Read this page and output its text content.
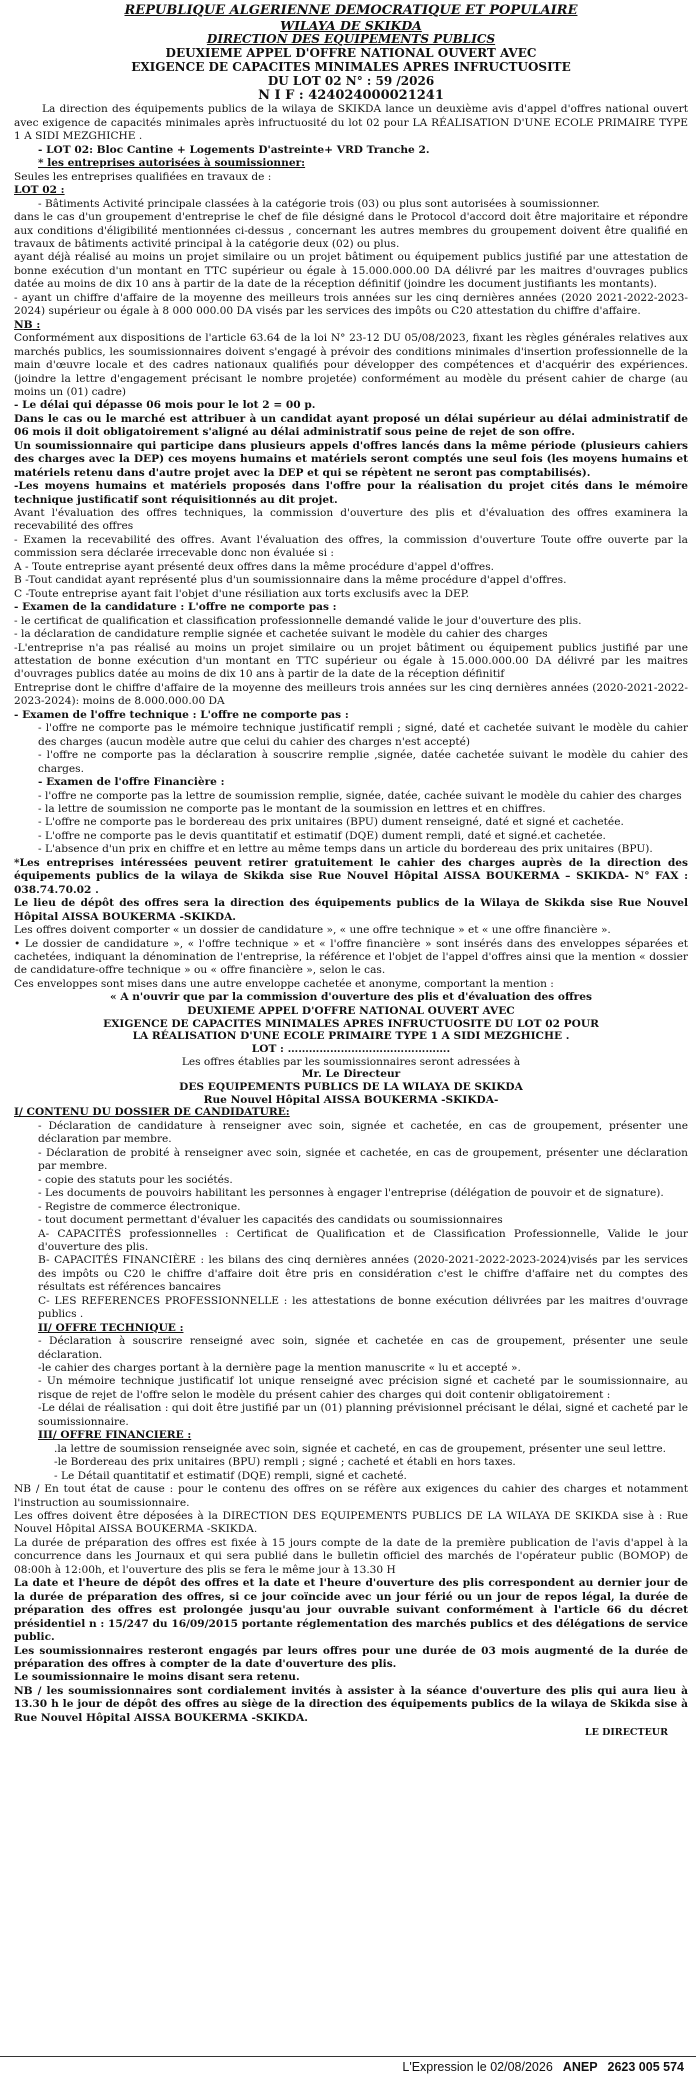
REPUBLIQUE ALGERIENNE DEMOCRATIQUE ET POPULAIRE
WILAYA DE SKIKDA
DIRECTION DES EQUIPEMENTS PUBLICS
DEUXIEME APPEL D'OFFRE NATIONAL OUVERT AVEC
EXIGENCE DE CAPACITES MINIMALES APRES INFRUCTUOSITE
DU LOT 02 N° : 59 /2026
N I F : 424024000021241

La direction des équipements publics de la wilaya de SKIKDA lance un deuxième avis d'appel d'offres national ouvert avec exigence de capacités minimales après infructuosité du lot 02 pour LA RÉALISATION D'UNE ECOLE PRIMAIRE TYPE 1 A SIDI MEZGHICHE .

- LOT 02: Bloc Cantine + Logements D'astreinte+ VRD Tranche 2.

* les entreprises autorisées à soumissionner:

Seules les entreprises qualifiées en travaux de :

LOT 02 :

- Bâtiments Activité principale classées à la catégorie trois (03) ou plus sont autorisées à soumissionner.

dans le cas d'un groupement d'entreprise le chef de file désigné dans le Protocol d'accord doit être majoritaire et répondre aux conditions d'éligibilité mentionnées ci-dessus , concernant les autres membres du groupement doivent être qualifié en travaux de bâtiments activité principal à la catégorie deux (02) ou plus.

ayant déjà réalisé au moins un projet similaire ou un projet bâtiment ou équipement publics justifié par une attestation de bonne exécution d'un montant en TTC supérieur ou égale à 15.000.000.00 DA délivré par les maitres d'ouvrages publics datée au moins de dix 10 ans à partir de la date de la réception définitif (joindre les document justifiants les montants).

- ayant un chiffre d'affaire de la moyenne des meilleurs trois années sur les cinq dernières années (2020 2021-2022-2023-2024) supérieur ou égale à 8 000 000.00 DA visés par les services des impôts ou C20 attestation du chiffre d'affaire.

NB :

Conformément aux dispositions de l'article 63.64 de la loi N° 23-12 DU 05/08/2023, fixant les règles générales relatives aux marchés publics, les soumissionnaires doivent s'engagé à prévoir des conditions minimales d'insertion professionnelle de la main d'œuvre locale et des cadres nationaux qualifiés pour développer des compétences et d'acquérir des expériences. (joindre la lettre d'engagement précisant le nombre projetée) conformément au modèle du présent cahier de charge (au moins un (01) cadre)

- Le délai qui dépasse 06 mois pour le lot 2 = 00 p.

Dans le cas ou le marché est attribuer à un candidat ayant proposé un délai supérieur au délai administratif de 06 mois il doit obligatoirement s'aligné au délai administratif sous peine de rejet de son offre.

Un soumissionnaire qui participe dans plusieurs appels d'offres lancés dans la même période (plusieurs cahiers des charges avec la DEP) ces moyens humains et matériels seront comptés une seul fois (les moyens humains et matériels retenu dans d'autre projet avec la DEP et qui se répètent ne seront pas comptabilisés).

-Les moyens humains et matériels proposés dans l'offre pour la réalisation du projet cités dans le mémoire technique justificatif sont réquisitionnés au dit projet.

Avant l'évaluation des offres techniques, la commission d'ouverture des plis et d'évaluation des offres examinera la recevabilité des offres

- Examen la recevabilité des offres. Avant l'évaluation des offres, la commission d'ouverture Toute offre ouverte par la commission sera déclarée irrecevable donc non évaluée si :

A - Toute entreprise ayant présenté deux offres dans la même procédure d'appel d'offres.

B -Tout candidat ayant représenté plus d'un soumissionnaire dans la même procédure d'appel d'offres.

C -Toute entreprise ayant fait l'objet d'une résiliation aux torts exclusifs avec la DEP.

- Examen de la candidature : L'offre ne comporte pas :

- le certificat de qualification et classification professionnelle demandé valide le jour d'ouverture des plis.

- la déclaration de candidature remplie signée et cachetée suivant le modèle du cahier des charges

-L'entreprise n'a pas réalisé au moins un projet similaire ou un projet bâtiment ou équipement publics justifié par une attestation de bonne exécution d'un montant en TTC supérieur ou égale à 15.000.000.00 DA délivré par les maitres d'ouvrages publics datée au moins de dix 10 ans à partir de la date de la réception définitif

Entreprise dont le chiffre d'affaire de la moyenne des meilleurs trois années sur les cinq dernières années (2020-2021-2022-2023-2024): moins de 8.000.000.00 DA

- Examen de l'offre technique : L'offre ne comporte pas :

- l'offre ne comporte pas le mémoire technique justificatif rempli ; signé, daté et cachetée suivant le modèle du cahier des charges (aucun modèle autre que celui du cahier des charges n'est accepté)

- l'offre ne comporte pas la déclaration à souscrire remplie ,signée, datée cachetée suivant le modèle du cahier des charges.

- Examen de l'offre Financière :

- l'offre ne comporte pas la lettre de soumission remplie, signée, datée, cachée suivant le modèle du cahier des charges

- la lettre de soumission ne comporte pas le montant de la soumission en lettres et en chiffres.

- L'offre ne comporte pas le bordereau des prix unitaires (BPU) dument renseigné, daté et signé et cachetée.

- L'offre ne comporte pas le devis quantitatif et estimatif (DQE) dument rempli, daté et signé.et cachetée.

- L'absence d'un prix en chiffre et en lettre au même temps dans un article du bordereau des prix unitaires (BPU).

*Les entreprises intéressées peuvent retirer gratuitement le cahier des charges auprès de la direction des équipements publics de la wilaya de Skikda sise Rue Nouvel Hôpital AISSA BOUKERMA – SKIKDA- N° FAX : 038.74.70.02 .

Le lieu de dépôt des offres sera la direction des équipements publics de la Wilaya de Skikda sise Rue Nouvel Hôpital AISSA BOUKERMA -SKIKDA.

Les offres doivent comporter « un dossier de candidature », « une offre technique » et « une offre financière ».

• Le dossier de candidature », « l'offre technique » et « l'offre financière » sont insérés dans des enveloppes séparées et cachetées, indiquant la dénomination de l'entreprise, la référence et l'objet de l'appel d'offres ainsi que la mention « dossier de candidature-offre technique » ou « offre financière », selon le cas.

Ces enveloppes sont mises dans une autre enveloppe cachetée et anonyme, comportant la mention :

« A n'ouvrir que par la commission d'ouverture des plis et d'évaluation des offres

DEUXIEME APPEL D'OFFRE NATIONAL OUVERT AVEC
EXIGENCE DE CAPACITES MINIMALES APRES INFRUCTUOSITE DU LOT 02 POUR
LA RÉALISATION D'UNE ECOLE PRIMAIRE TYPE 1 A SIDI MEZGHICHE .
LOT : ……………………………………….
Les offres établies par les soumissionnaires seront adressées à
Mr. Le Directeur
DES EQUIPEMENTS PUBLICS DE LA WILAYA DE SKIKDA
Rue Nouvel Hôpital AISSA BOUKERMA -SKIKDA-

I/ CONTENU DU DOSSIER DE CANDIDATURE:

- Déclaration de candidature à renseigner avec soin, signée et cachetée, en cas de groupement, présenter une déclaration par membre.

- Déclaration de probité à renseigner avec soin, signée et cachetée, en cas de groupement, présenter une déclaration par membre.

- copie des statuts pour les sociétés.

- Les documents de pouvoirs habilitant les personnes à engager l'entreprise (délégation de pouvoir et de signature).

- Registre de commerce électronique.

- tout document permettant d'évaluer les capacités des candidats ou soumissionnaires

A- CAPACITÉS professionnelles : Certificat de Qualification et de Classification Professionnelle, Valide le jour d'ouverture des plis.

B- CAPACITÉS FINANCIÈRE : les bilans des cinq dernières années (2020-2021-2022-2023-2024)visés par les services des impôts ou C20 le chiffre d'affaire doit être pris en considération c'est le chiffre d'affaire net du comptes des résultats est références bancaires

C- LES REFERENCES PROFESSIONNELLE : les attestations de bonne exécution délivrées par les maitres d'ouvrage publics .

II/ OFFRE TECHNIQUE :

- Déclaration à souscrire renseigné avec soin, signée et cachetée en cas de groupement, présenter une seule déclaration.

-le cahier des charges portant à la dernière page la mention manuscrite « lu et accepté ».

- Un mémoire technique justificatif lot unique renseigné avec précision signé et cacheté par le soumissionnaire, au risque de rejet de l'offre selon le modèle du présent cahier des charges qui doit contenir obligatoirement :

-Le délai de réalisation : qui doit être justifié par un (01) planning prévisionnel précisant le délai, signé et cacheté par le soumissionnaire.

III/ OFFRE FINANCIERE :

.la lettre de soumission renseignée avec soin, signée et cacheté, en cas de groupement, présenter une seul lettre.

-le Bordereau des prix unitaires (BPU) rempli ; signé ; cacheté et établi en hors taxes.

- Le Détail quantitatif et estimatif (DQE) rempli, signé et cacheté.

NB / En tout état de cause : pour le contenu des offres on se réfère aux exigences du cahier des charges et notamment l'instruction au soumissionnaire.

Les offres doivent être déposées à la DIRECTION DES EQUIPEMENTS PUBLICS DE LA WILAYA DE SKIKDA sise à : Rue Nouvel Hôpital AISSA BOUKERMA -SKIKDA.

La durée de préparation des offres est fixée à 15 jours compte de la date de la première publication de l'avis d'appel à la concurrence dans les Journaux et qui sera publié dans le bulletin officiel des marchés de l'opérateur public (BOMOP) de 08:00h à 12:00h, et l'ouverture des plis se fera le même jour à 13.30 H

La date et l'heure de dépôt des offres et la date et l'heure d'ouverture des plis correspondent au dernier jour de la durée de préparation des offres, si ce jour coïncide avec un jour férié ou un jour de repos légal, la durée de préparation des offres est prolongée jusqu'au jour ouvrable suivant conformément à l'article 66 du décret présidentiel n : 15/247 du 16/09/2015 portante réglementation des marchés publics et des délégations de service public.

Les soumissionnaires resteront engagés par leurs offres pour une durée de 03 mois augmenté de la durée de préparation des offres à compter de la date d'ouverture des plis.

Le soumissionnaire le moins disant sera retenu.

NB / les soumissionnaires sont cordialement invités à assister à la séance d'ouverture des plis qui aura lieu à 13.30 h le jour de dépôt des offres au siège de la direction des équipements publics de la wilaya de Skikda sise à Rue Nouvel Hôpital AISSA BOUKERMA -SKIKDA.

LE DIRECTEUR
L'Expression le 02/08/2026 ANEP 2623 005 574
